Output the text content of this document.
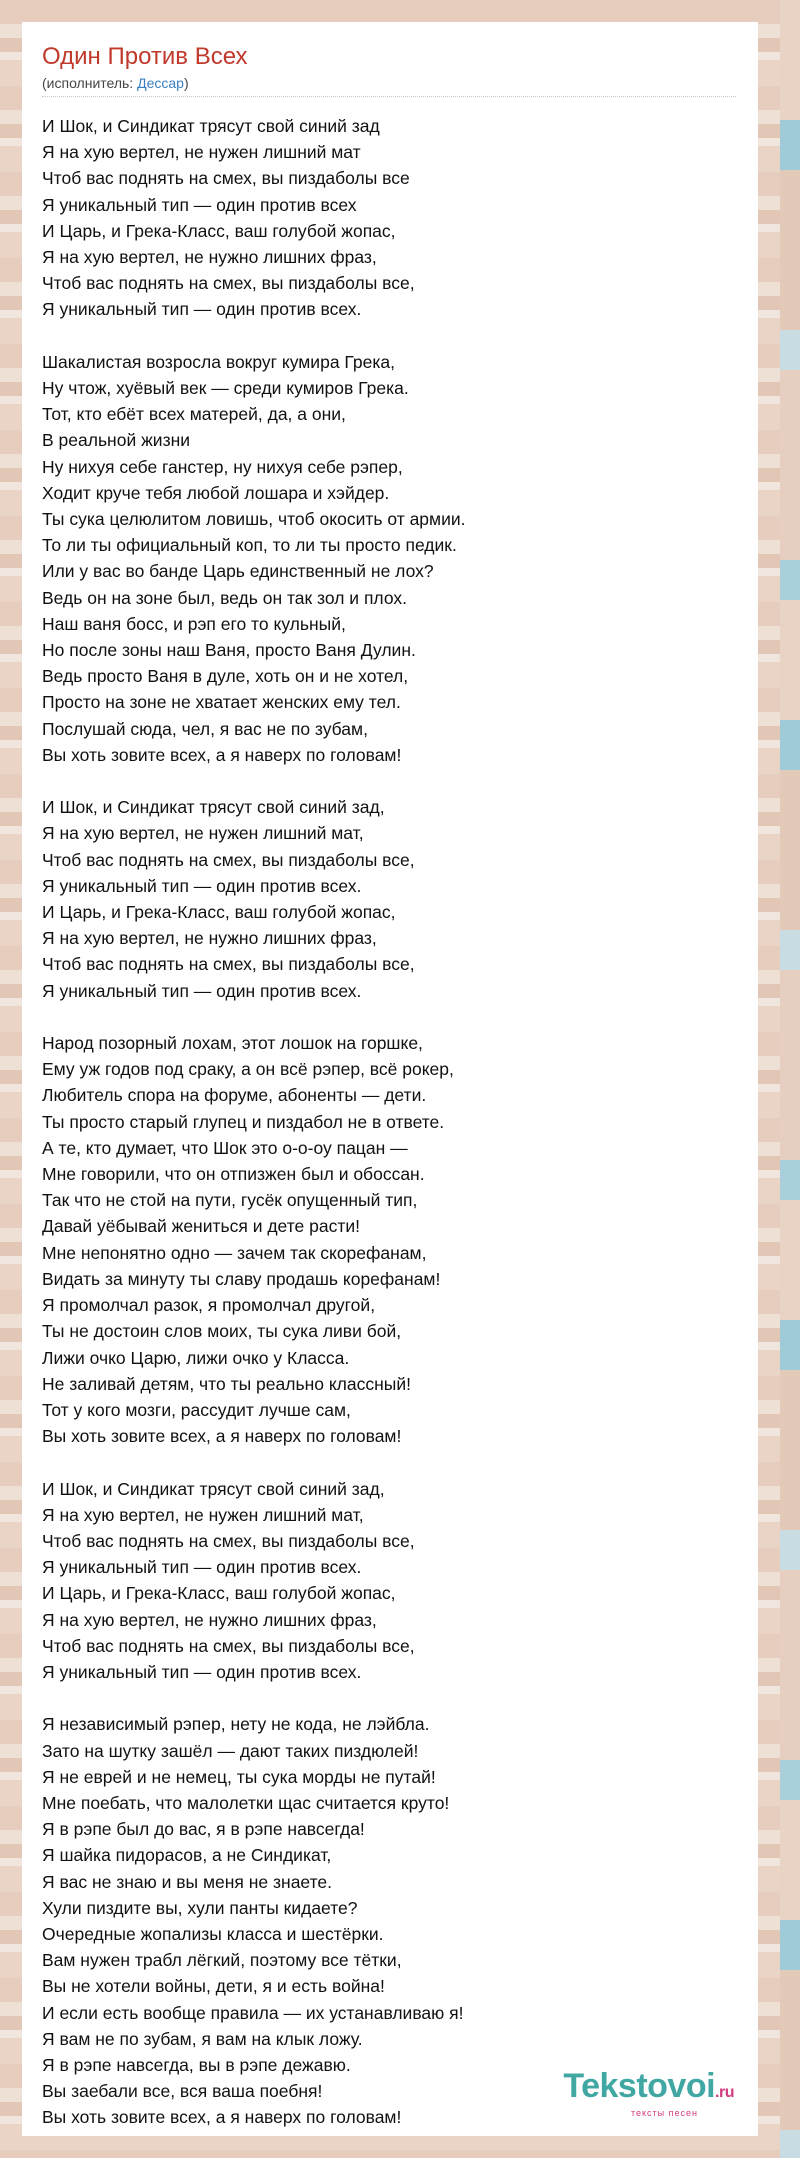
Один Против Всех
(исполнитель: Дессар)
И Шок, и Синдикат трясут свой синий зад
Я на хую вертел, не нужен лишний мат
Чтоб вас поднять на смех, вы пиздаболы все
Я уникальный тип — один против всех
И Царь, и Грека-Класс, ваш голубой жопас,
Я на хую вертел, не нужно лишних фраз,
Чтоб вас поднять на смех, вы пиздаболы все,
Я уникальный тип — один против всех.
Шакалистая возросла вокруг кумира Грека,
Ну чтож, хуёвый век — среди кумиров Грека.
Тот, кто ебёт всех матерей, да, а они,
В реальной жизни
Ну нихуя себе ганстер, ну нихуя себе рэпер,
Ходит круче тебя любой лошара и хэйдер.
Ты сука целюлитом ловишь, чтоб окосить от армии.
То ли ты официальный коп, то ли ты просто педик.
Или у вас во банде Царь единственный не лох?
Ведь он на зоне был, ведь он так зол и плох.
Наш ваня босс, и рэп его то кульный,
Но после зоны наш Ваня, просто Ваня Дулин.
Ведь просто Ваня в дуле, хоть он и не хотел,
Просто на зоне не хватает женских ему тел.
Послушай сюда, чел, я вас не по зубам,
Вы хоть зовите всех, а я наверх по головам!
И Шок, и Синдикат трясут свой синий зад,
Я на хую вертел, не нужен лишний мат,
Чтоб вас поднять на смех, вы пиздаболы все,
Я уникальный тип — один против всех.
И Царь, и Грека-Класс, ваш голубой жопас,
Я на хую вертел, не нужно лишних фраз,
Чтоб вас поднять на смех, вы пиздаболы все,
Я уникальный тип — один против всех.
Народ позорный лохам, этот лошок на горшке,
Ему уж годов под сраку, а он всё рэпер, всё рокер,
Любитель спора на форуме, абоненты — дети.
Ты просто старый глупец и пиздабол не в ответе.
А те, кто думает, что Шок это о-о-оу пацан —
Мне говорили, что он отпизжен был и обоссан.
Так что не стой на пути, гусёк опущенный тип,
Давай уёбывай жениться и дете расти!
Мне непонятно одно — зачем так скорефанам,
Видать за минуту ты славу продашь корефанам!
Я промолчал разок, я промолчал другой,
Ты не достоин слов моих, ты сука ливи бой,
Лижи очко Царю, лижи очко у Класса.
Не заливай детям, что ты реально классный!
Тот у кого мозги, рассудит лучше сам,
Вы хоть зовите всех, а я наверх по головам!
И Шок, и Синдикат трясут свой синий зад,
Я на хую вертел, не нужен лишний мат,
Чтоб вас поднять на смех, вы пиздаболы все,
Я уникальный тип — один против всех.
И Царь, и Грека-Класс, ваш голубой жопас,
Я на хую вертел, не нужно лишних фраз,
Чтоб вас поднять на смех, вы пиздаболы все,
Я уникальный тип — один против всех.
Я независимый рэпер, нету не кода, не лэйбла.
Зато на шутку зашёл — дают таких пиздюлей!
Я не еврей и не немец, ты сука морды не путай!
Мне поебать, что малолетки щас считается круто!
Я в рэпе был до вас, я в рэпе навсегда!
Я шайка пидорасов, а не Синдикат,
Я вас не знаю и вы меня не знаете.
Хули пиздите вы, хули панты кидаете?
Очередные жопализы класса и шестёрки.
Вам нужен трабл лёгкий, поэтому все тётки,
Вы не хотели войны, дети, я и есть война!
И если есть вообще правила — их устанавливаю я!
Я вам не по зубам, я вам на клык ложу.
Я в рэпе навсегда, вы в рэпе дежавю.
Вы заебали все, вся ваша поебня!
Вы хоть зовите всех, а я наверх по головам!
Tekstovoi.ru
тексты песен
